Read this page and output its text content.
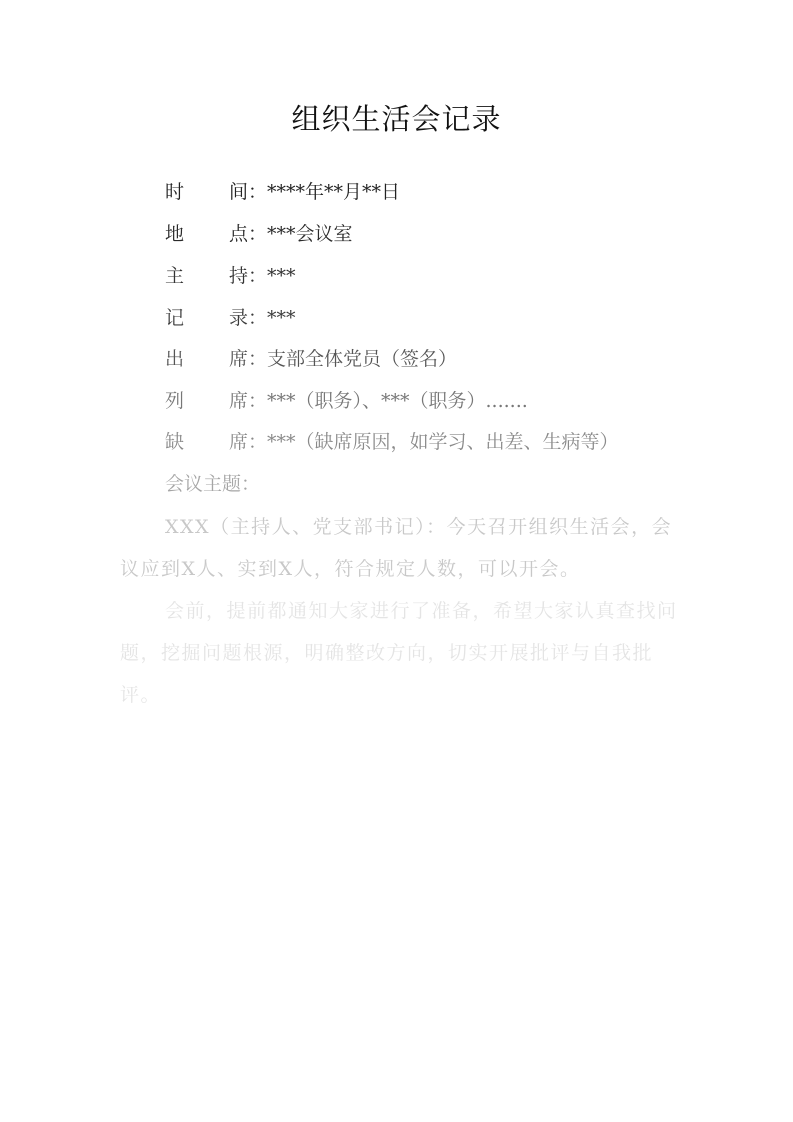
组织生活会记录
时 间：****年**月**日
地 点：***会议室
主 持：***
记 录：***
出 席：支部全体党员（签名）
列 席：***（职务）、***（职务）.......
缺 席：***（缺席原因，如学习、出差、生病等）
会议主题：
XXX（主持人、党支部书记）：今天召开组织生活会，会议应到X人、实到X人，符合规定人数，可以开会。
会前，提前都通知大家进行了准备，希望大家认真查找问题，挖掘问题根源，明确整改方向，切实开展批评与自我批评。
